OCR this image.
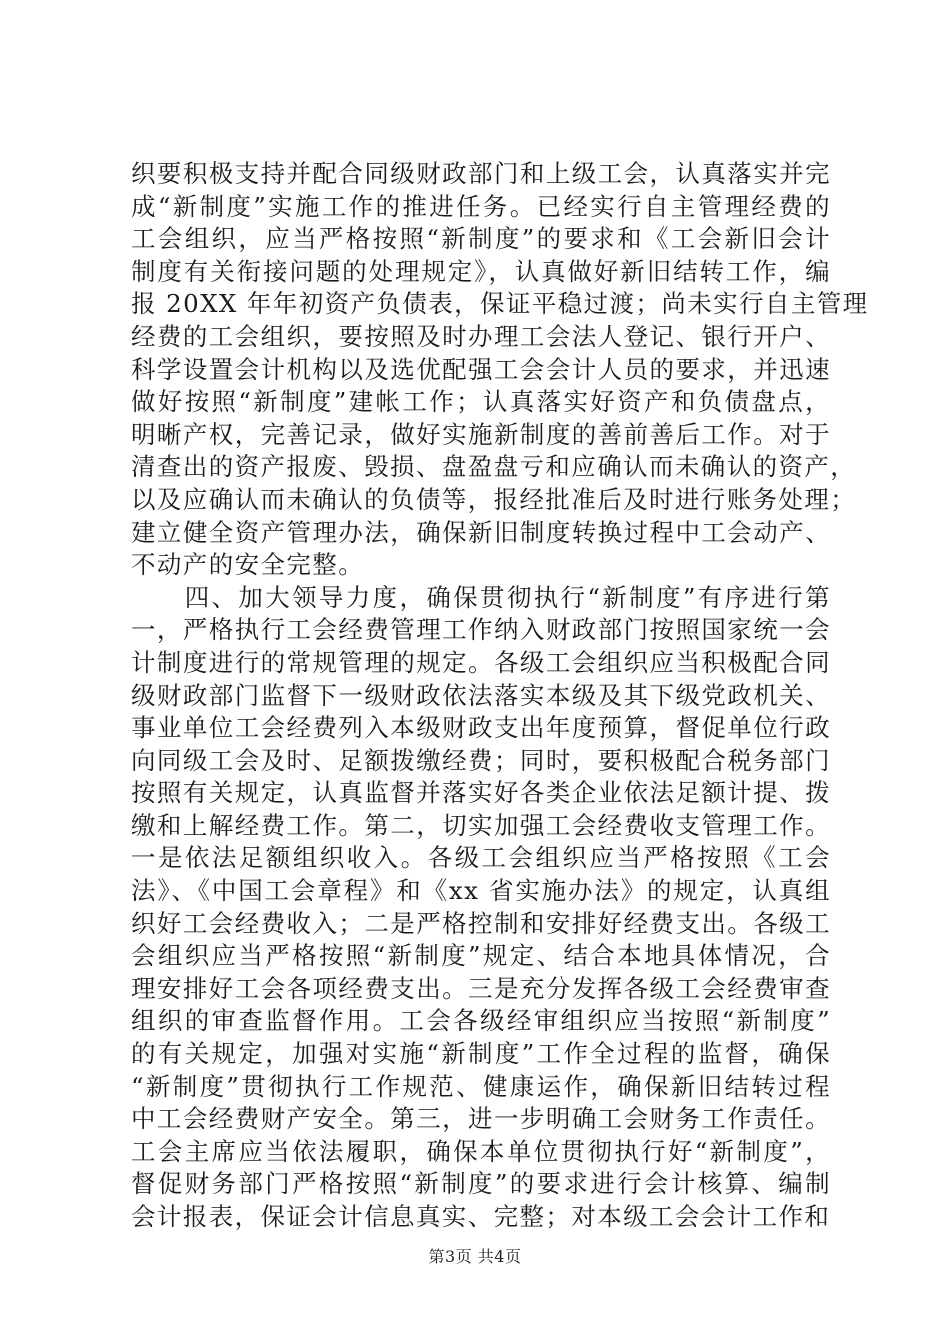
织要积极支持并配合同级财政部门和上级工会，认真落实并完
成“新制度”实施工作的推进任务。已经实行自主管理经费的
工会组织，应当严格按照“新制度”的要求和《工会新旧会计
制度有关衔接问题的处理规定》，认真做好新旧结转工作，编
报 20XX 年年初资产负债表，保证平稳过渡；尚未实行自主管理
经费的工会组织，要按照及时办理工会法人登记、银行开户、
科学设置会计机构以及选优配强工会会计人员的要求，并迅速
做好按照“新制度”建帐工作；认真落实好资产和负债盘点，
明晰产权，完善记录，做好实施新制度的善前善后工作。对于
清查出的资产报废、毁损、盘盈盘亏和应确认而未确认的资产，
以及应确认而未确认的负债等，报经批准后及时进行账务处理；
建立健全资产管理办法，确保新旧制度转换过程中工会动产、
不动产的安全完整。
　　四、加大领导力度，确保贯彻执行“新制度”有序进行第
一，严格执行工会经费管理工作纳入财政部门按照国家统一会
计制度进行的常规管理的规定。各级工会组织应当积极配合同
级财政部门监督下一级财政依法落实本级及其下级党政机关、
事业单位工会经费列入本级财政支出年度预算，督促单位行政
向同级工会及时、足额拨缴经费；同时，要积极配合税务部门
按照有关规定，认真监督并落实好各类企业依法足额计提、拨
缴和上解经费工作。第二，切实加强工会经费收支管理工作。
一是依法足额组织收入。各级工会组织应当严格按照《工会
法》、《中国工会章程》和《xx 省实施办法》的规定，认真组
织好工会经费收入；二是严格控制和安排好经费支出。各级工
会组织应当严格按照“新制度”规定、结合本地具体情况，合
理安排好工会各项经费支出。三是充分发挥各级工会经费审查
组织的审查监督作用。工会各级经审组织应当按照“新制度”
的有关规定，加强对实施“新制度”工作全过程的监督，确保
“新制度”贯彻执行工作规范、健康运作，确保新旧结转过程
中工会经费财产安全。第三，进一步明确工会财务工作责任。
工会主席应当依法履职，确保本单位贯彻执行好“新制度”，
督促财务部门严格按照“新制度”的要求进行会计核算、编制
会计报表，保证会计信息真实、完整；对本级工会会计工作和
第3页 共4页
